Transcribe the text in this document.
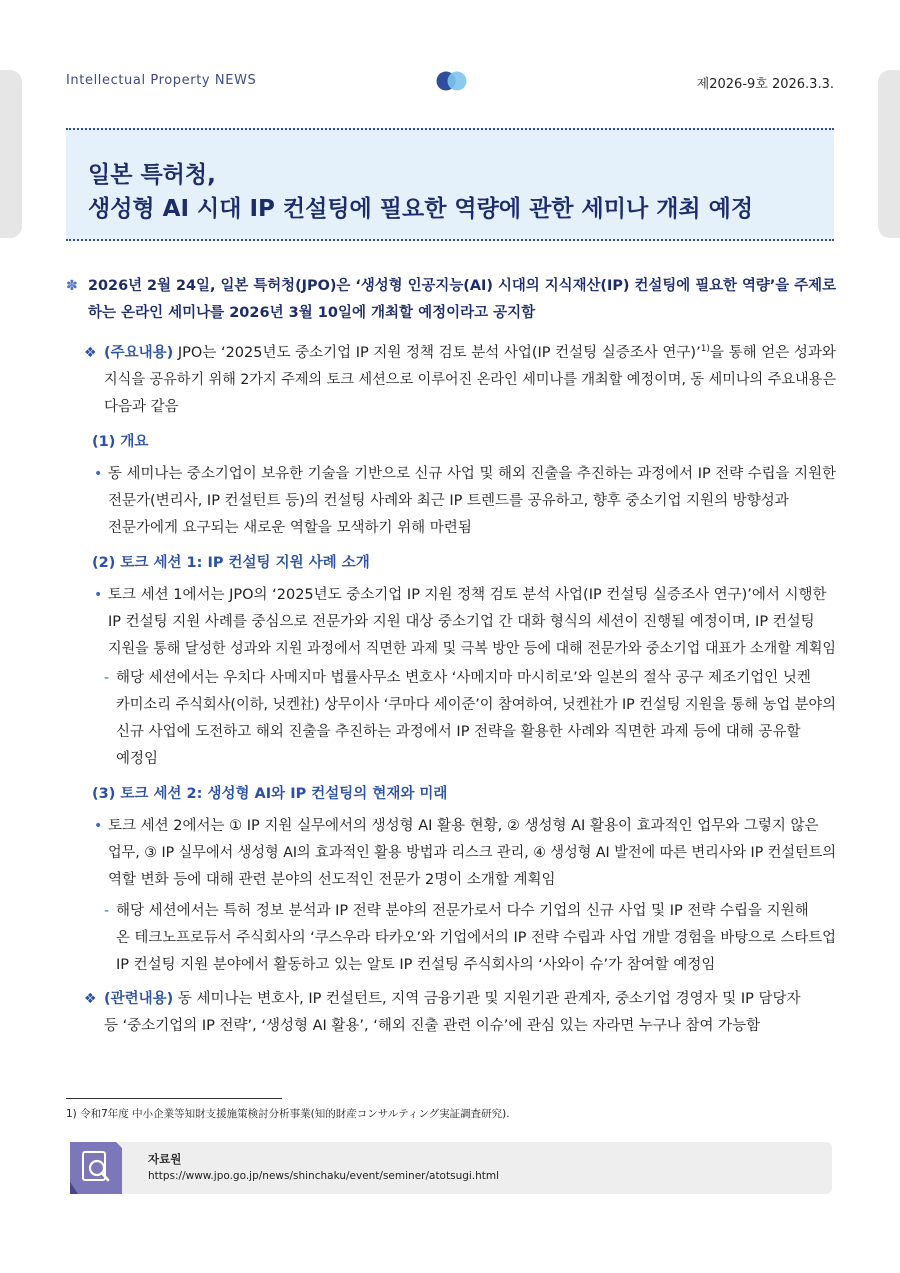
Intellectual Property NEWS	제2026-9호 2026.3.3.
일본 특허청,
생성형 AI 시대 IP 컨설팅에 필요한 역량에 관한 세미나 개최 예정
✽ 2026년 2월 24일, 일본 특허청(JPO)은 ‘생성형 인공지능(AI) 시대의 지식재산(IP) 컨설팅에 필요한 역량’을 주제로
하는 온라인 세미나를 2026년 3월 10일에 개최할 예정이라고 공지함
❖ (주요내용) JPO는 ‘2025년도 중소기업 IP 지원 정책 검토 분석 사업(IP 컨설팅 실증조사 연구)’$^{1)}$을 통해 얻은 성과와
지식을 공유하기 위해 2가지 주제의 토크 세션으로 이루어진 온라인 세미나를 개최할 예정이며, 동 세미나의 주요내용은
다음과 같음
(1) 개요
• 동 세미나는 중소기업이 보유한 기술을 기반으로 신규 사업 및 해외 진출을 추진하는 과정에서 IP 전략 수립을 지원한
전문가(변리사, IP 컨설턴트 등)의 컨설팅 사례와 최근 IP 트렌드를 공유하고, 향후 중소기업 지원의 방향성과
전문가에게 요구되는 새로운 역할을 모색하기 위해 마련됨
(2) 토크 세션 1: IP 컨설팅 지원 사례 소개
• 토크 세션 1에서는 JPO의 ‘2025년도 중소기업 IP 지원 정책 검토 분석 사업(IP 컨설팅 실증조사 연구)’에서 시행한
IP 컨설팅 지원 사례를 중심으로 전문가와 지원 대상 중소기업 간 대화 형식의 세션이 진행될 예정이며, IP 컨설팅
지원을 통해 달성한 성과와 지원 과정에서 직면한 과제 및 극복 방안 등에 대해 전문가와 중소기업 대표가 소개할 계획임
- 해당 세션에서는 우치다 사메지마 법률사무소 변호사 ‘사메지마 마시히로’와 일본의 절삭 공구 제조기업인 닛켄
카미소리 주식회사(이하, 닛켄社) 상무이사 ‘쿠마다 세이준’이 참여하여, 닛켄社가 IP 컨설팅 지원을 통해 농업 분야의
신규 사업에 도전하고 해외 진출을 추진하는 과정에서 IP 전략을 활용한 사례와 직면한 과제 등에 대해 공유할
예정임
(3) 토크 세션 2: 생성형 AI와 IP 컨설팅의 현재와 미래
• 토크 세션 2에서는 ① IP 지원 실무에서의 생성형 AI 활용 현황, ② 생성형 AI 활용이 효과적인 업무와 그렇지 않은
업무, ③ IP 실무에서 생성형 AI의 효과적인 활용 방법과 리스크 관리, ④ 생성형 AI 발전에 따른 변리사와 IP 컨설턴트의
역할 변화 등에 대해 관련 분야의 선도적인 전문가 2명이 소개할 계획임
- 해당 세션에서는 특허 정보 분석과 IP 전략 분야의 전문가로서 다수 기업의 신규 사업 및 IP 전략 수립을 지원해
온 테크노프로듀서 주식회사의 ‘쿠스우라 타카오’와 기업에서의 IP 전략 수립과 사업 개발 경험을 바탕으로 스타트업
IP 컨설팅 지원 분야에서 활동하고 있는 알토 IP 컨설팅 주식회사의 ‘사와이 슈’가 참여할 예정임
❖ (관련내용) 동 세미나는 변호사, IP 컨설턴트, 지역 금융기관 및 지원기관 관계자, 중소기업 경영자 및 IP 담당자
등 ‘중소기업의 IP 전략’, ‘생성형 AI 활용’, ‘해외 진출 관련 이슈’에 관심 있는 자라면 누구나 참여 가능함
1) 令和7年度 中小企業等知財支援施策検討分析事業(知的財産コンサルティング実証調査研究).
자료원
https://www.jpo.go.jp/news/shinchaku/event/seminer/atotsugi.html
